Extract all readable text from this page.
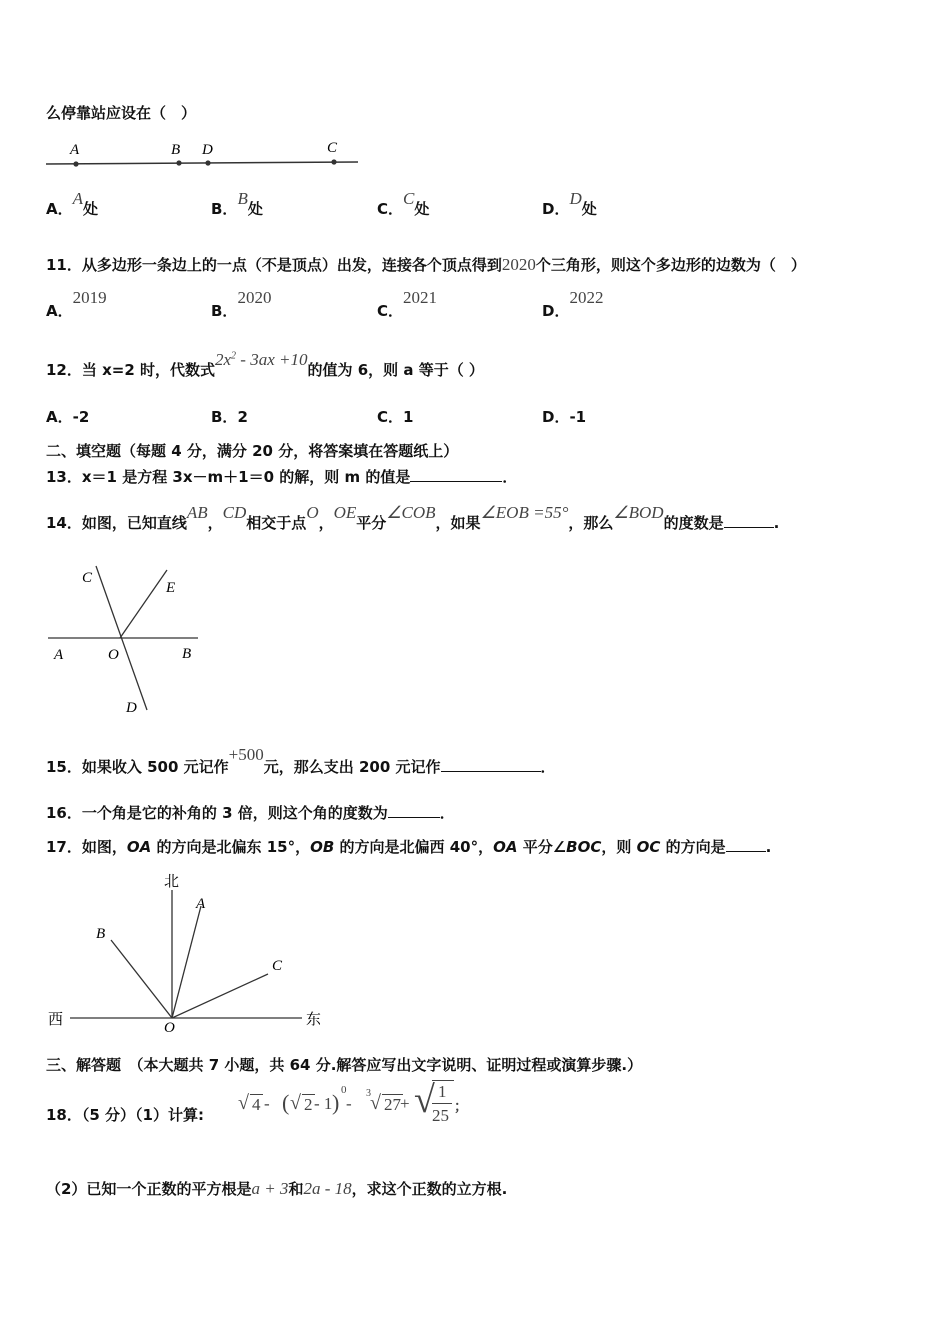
么停靠站应设在（　）
A	B D	C
A．A处	B．B处	C．C处	D．D处
11．从多边形一条边上的一点（不是顶点）出发，连接各个顶点得到2020个三角形，则这个多边形的边数为（　）
A．2019
B．2020
C．2021
D．2022
12．当 x=2 时，代数式$2x^2 - 3ax +10$的值为 6，则 a 等于（ ）
A．-2	B．2	C．1	D．-1
二、填空题（每题 4 分，满分 20 分，将答案填在答题纸上）
13．x＝1 是方程 3x－m＋1＝0 的解，则 m 的值是	．
14．如图，已知直线AB，CD相交于点O，OE平分∠COB，如果∠EOB =55°，那么∠BOD的度数是	.
C
E
A	O	B
D
15．如果收入 500 元记作+500元，那么支出 200 元记作	．
16．一个角是它的补角的 3 倍，则这个角的度数为	．
17．如图，OA 的方向是北偏东 15°，OB 的方向是北偏西 40°，OA 平分∠BOC，则 OC 的方向是	.
北
西	东
A
B
C
O
三、解答题　（本大题共 7 小题，共 64 分.解答应写出文字说明、证明过程或演算步骤.）
18．（5 分）（1）计算:
√ 4 - ( √ 2 - 1 ) 0
-
3 √ 27 + √ 1
25 ；
（2）已知一个正数的平方根是a + 3和2a - 18，求这个正数的立方根.
